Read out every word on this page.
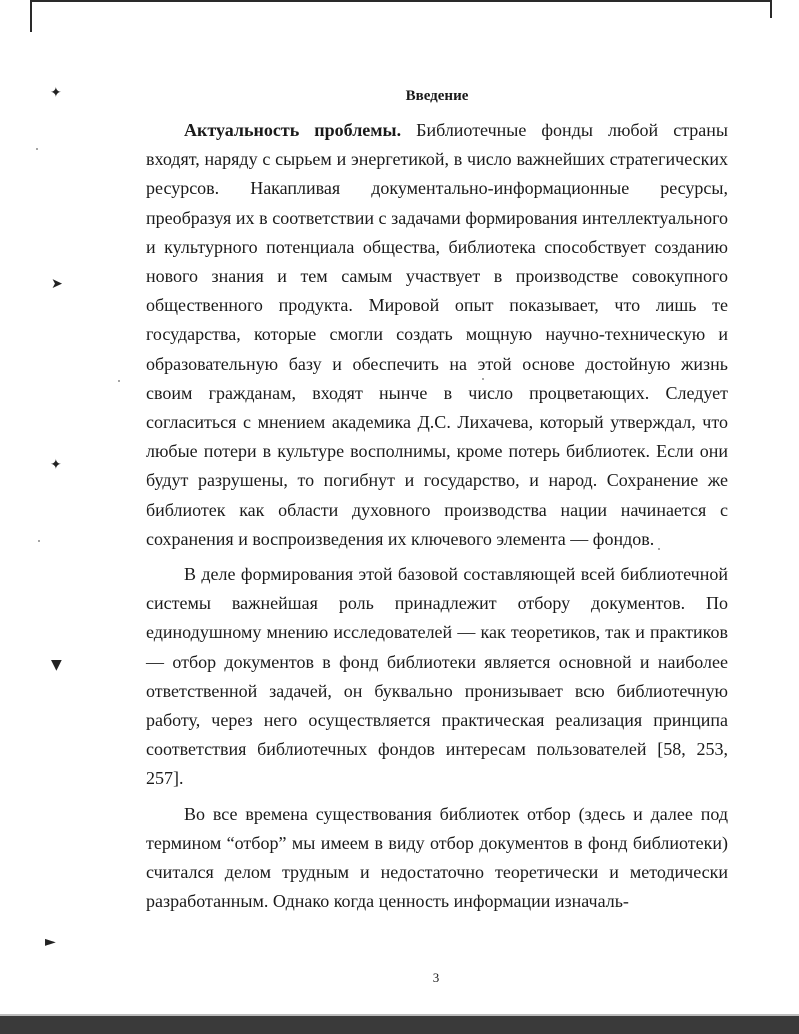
✦
➤
✦
▼
►
Введение

Актуальность проблемы. Библиотечные фонды любой страны входят, наряду с сырьем и энергетикой, в число важнейших стратегических ресурсов. Накапливая документально-информационные ресурсы, преобразуя их в соответствии с задачами формирования интеллектуального и культурного потенциала общества, библиотека способствует созданию нового знания и тем самым участвует в производстве совокупного общественного продукта. Мировой опыт показывает, что лишь те государства, которые смогли создать мощную научно-техническую и образовательную базу и обеспечить на этой основе достойную жизнь своим гражданам, входят нынче в число процветающих. Следует согласиться с мнением академика Д.С. Лихачева, который утверждал, что любые потери в культуре восполнимы, кроме потерь библиотек. Если они будут разрушены, то погибнут и государство, и народ. Сохранение же библиотек как области духовного производства нации начинается с сохранения и воспроизведения их ключевого элемента — фондов.

В деле формирования этой базовой составляющей всей библиотечной системы важнейшая роль принадлежит отбору документов. По единодушному мнению исследователей — как теоретиков, так и практиков — отбор документов в фонд библиотеки является основной и наиболее ответственной задачей, он буквально пронизывает всю библиотечную работу, через него осуществляется практическая реализация принципа соответствия библиотечных фондов интересам пользователей [58, 253, 257].

Во все времена существования библиотек отбор (здесь и далее под термином “отбор” мы имеем в виду отбор документов в фонд библиотеки) считался делом трудным и недостаточно теоретически и методически разработанным. Однако когда ценность информации изначаль-

3
